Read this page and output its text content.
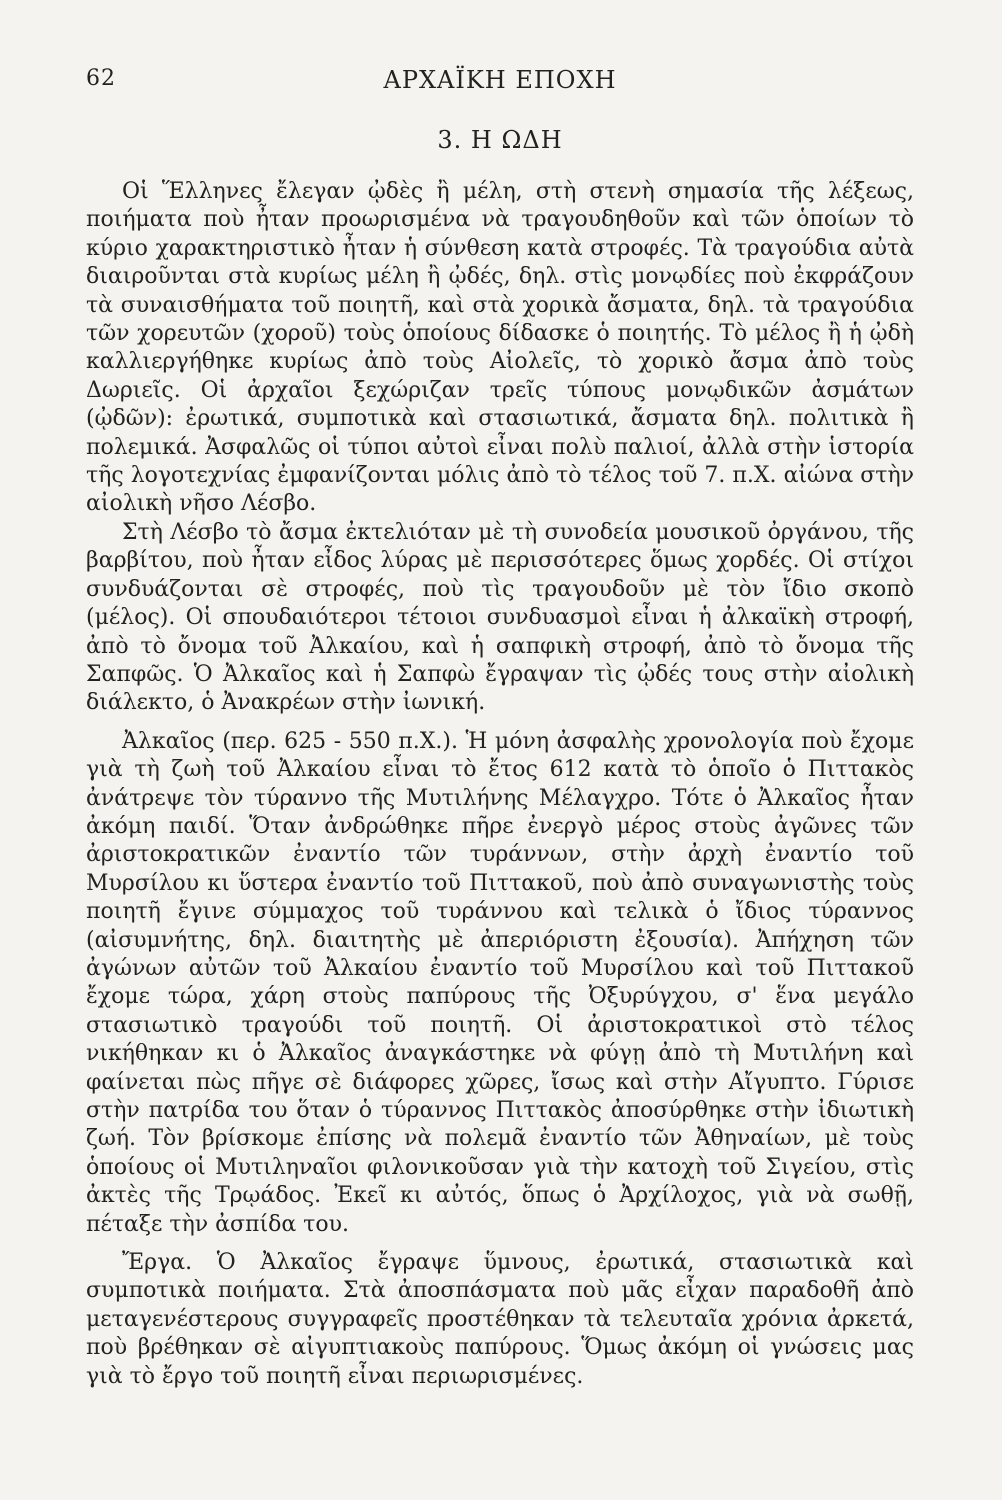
62	ΑΡΧΑΪΚΗ ΕΠΟΧΗ
3. Η ΩΔΗ

Οἱ Ἕλληνες ἔλεγαν ᾠδὲς ἢ μέλη, στὴ στενὴ σημασία τῆς λέξεως, ποιήματα ποὺ ἦταν προωρισμένα νὰ τραγουδηθοῦν καὶ τῶν ὁποίων τὸ κύριο χαρακτηριστικὸ ἦταν ἡ σύνθεση κατὰ στροφές. Τὰ τραγούδια αὐτὰ διαιροῦνται στὰ κυρίως μέλη ἢ ᾠδές, δηλ. στὶς μονῳδίες ποὺ ἐκφράζουν τὰ συναισθήματα τοῦ ποιητῆ, καὶ στὰ χορικὰ ἄσματα, δηλ. τὰ τραγούδια τῶν χορευτῶν (χοροῦ) τοὺς ὁποίους δίδασκε ὁ ποιητής. Τὸ μέλος ἢ ἡ ᾠδὴ καλλιεργήθηκε κυρίως ἀπὸ τοὺς Αἰολεῖς, τὸ χορικὸ ἄσμα ἀπὸ τοὺς Δωριεῖς. Οἱ ἀρχαῖοι ξεχώριζαν τρεῖς τύπους μονῳδικῶν ἀσμάτων (ᾠδῶν): ἐρωτικά, συμποτικὰ καὶ στασιωτικά, ἄσματα δηλ. πολιτικὰ ἢ πολεμικά. Ἀσφαλῶς οἱ τύποι αὐτοὶ εἶναι πολὺ παλιοί, ἀλλὰ στὴν ἱστορία τῆς λογοτεχνίας ἐμφανίζονται μόλις ἀπὸ τὸ τέλος τοῦ 7. π.Χ. αἰώνα στὴν αἰολικὴ νῆσο Λέσβο.

Στὴ Λέσβο τὸ ἄσμα ἐκτελιόταν μὲ τὴ συνοδεία μουσικοῦ ὀργάνου, τῆς βαρβίτου, ποὺ ἦταν εἶδος λύρας μὲ περισσότερες ὅμως χορδές. Οἱ στίχοι συνδυάζονται σὲ στροφές, ποὺ τὶς τραγουδοῦν μὲ τὸν ἴδιο σκοπὸ (μέλος). Οἱ σπουδαιότεροι τέτοιοι συνδυασμοὶ εἶναι ἡ ἀλκαϊκὴ στροφή, ἀπὸ τὸ ὄνομα τοῦ Ἀλκαίου, καὶ ἡ σαπφικὴ στροφή, ἀπὸ τὸ ὄνομα τῆς Σαπφῶς. Ὁ Ἀλκαῖος καὶ ἡ Σαπφὼ ἔγραψαν τὶς ᾠδές τους στὴν αἰολικὴ διάλεκτο, ὁ Ἀνακρέων στὴν ἰωνική.

Ἀλκαῖος (περ. 625 - 550 π.Χ.). Ἡ μόνη ἀσφαλὴς χρονολογία ποὺ ἔχομε γιὰ τὴ ζωὴ τοῦ Ἀλκαίου εἶναι τὸ ἔτος 612 κατὰ τὸ ὁποῖο ὁ Πιττακὸς ἀνάτρεψε τὸν τύραννο τῆς Μυτιλήνης Μέλαγχρο. Τότε ὁ Ἀλκαῖος ἦταν ἀκόμη παιδί. Ὅταν ἀνδρώθηκε πῆρε ἐνεργὸ μέρος στοὺς ἀγῶνες τῶν ἀριστοκρατικῶν ἐναντίο τῶν τυράννων, στὴν ἀρχὴ ἐναντίο τοῦ Μυρσίλου κι ὕστερα ἐναντίο τοῦ Πιττακοῦ, ποὺ ἀπὸ συναγωνιστὴς τοὺς ποιητῆ ἔγινε σύμμαχος τοῦ τυράννου καὶ τελικὰ ὁ ἴδιος τύραννος (αἰσυμνήτης, δηλ. διαιτητὴς μὲ ἀπεριόριστη ἐξουσία). Ἀπήχηση τῶν ἀγώνων αὐτῶν τοῦ Ἀλκαίου ἐναντίο τοῦ Μυρσίλου καὶ τοῦ Πιττακοῦ ἔχομε τώρα, χάρη στοὺς παπύρους τῆς Ὀξυρύγχου, σ' ἕνα μεγάλο στασιωτικὸ τραγούδι τοῦ ποιητῆ. Οἱ ἀριστοκρατικοὶ στὸ τέλος νικήθηκαν κι ὁ Ἀλκαῖος ἀναγκάστηκε νὰ φύγῃ ἀπὸ τὴ Μυτιλήνη καὶ φαίνεται πὼς πῆγε σὲ διάφορες χῶρες, ἴσως καὶ στὴν Αἴγυπτο. Γύρισε στὴν πατρίδα του ὅταν ὁ τύραννος Πιττακὸς ἀποσύρθηκε στὴν ἰδιωτικὴ ζωή. Τὸν βρίσκομε ἐπίσης νὰ πολεμᾶ ἐναντίο τῶν Ἀθηναίων, μὲ τοὺς ὁποίους οἱ Μυτιληναῖοι φιλονικοῦσαν γιὰ τὴν κατοχὴ τοῦ Σιγείου, στὶς ἀκτὲς τῆς Τρῳάδος. Ἐκεῖ κι αὐτός, ὅπως ὁ Ἀρχίλοχος, γιὰ νὰ σωθῇ, πέταξε τὴν ἀσπίδα του.

Ἔργα. Ὁ Ἀλκαῖος ἔγραψε ὕμνους, ἐρωτικά, στασιωτικὰ καὶ συμποτικὰ ποιήματα. Στὰ ἀποσπάσματα ποὺ μᾶς εἶχαν παραδοθῆ ἀπὸ μεταγενέστερους συγγραφεῖς προστέθηκαν τὰ τελευταῖα χρόνια ἀρκετά, ποὺ βρέθηκαν σὲ αἰγυπτιακοὺς παπύρους. Ὅμως ἀκόμη οἱ γνώσεις μας γιὰ τὸ ἔργο τοῦ ποιητῆ εἶναι περιωρισμένες.
